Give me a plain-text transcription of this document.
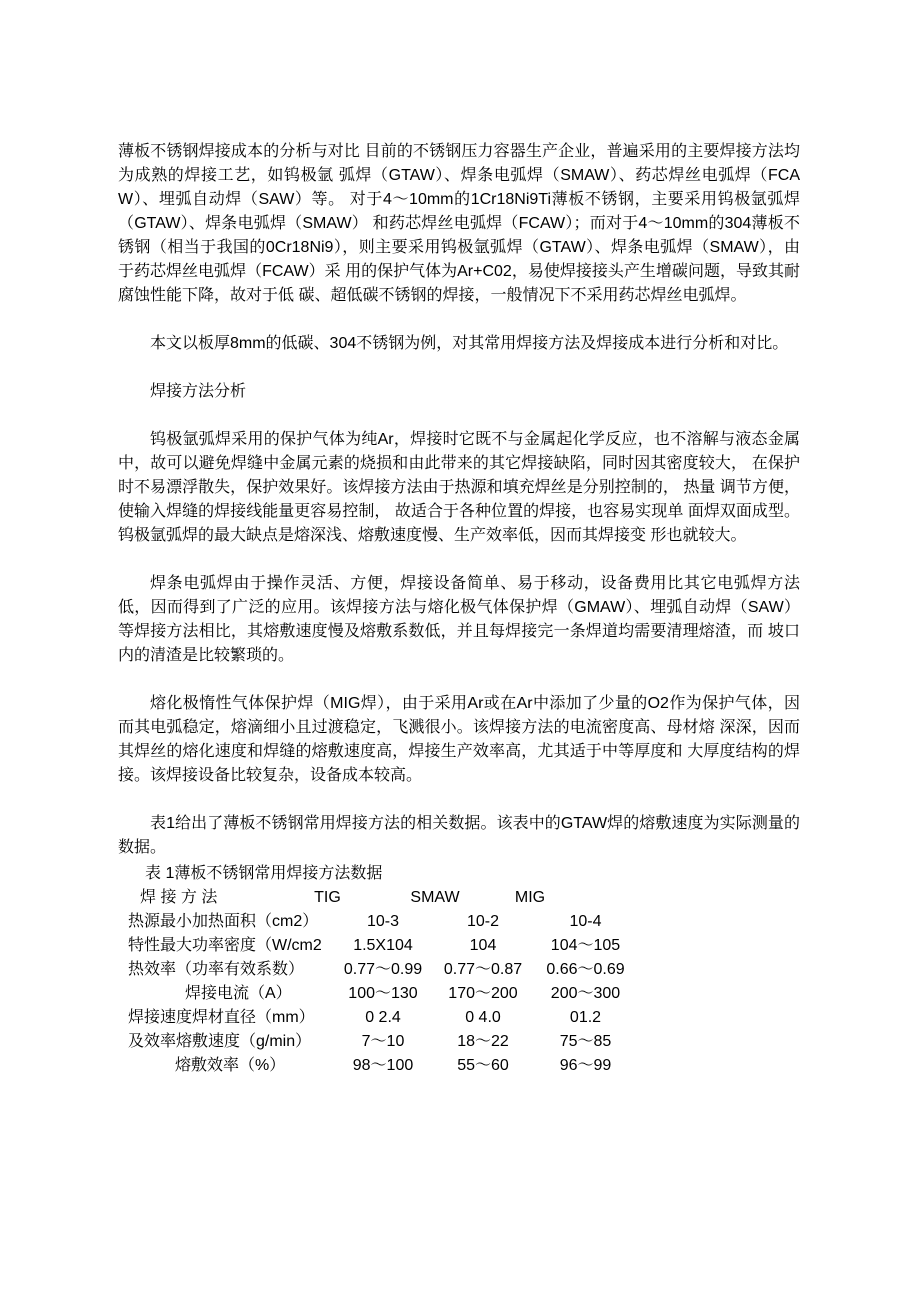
薄板不锈钢焊接成本的分析与对比 目前的不锈钢压力容器生产企业，普遍采用的主要焊接方法均为成熟的焊接工艺，如钨极氩 弧焊（GTAW）、焊条电弧焊（SMAW）、药芯焊丝电弧焊（FCAW）、埋弧自动焊（SAW）等。 对于4〜10mm的1Cr18Ni9Ti薄板不锈钢，主要采用钨极氩弧焊（GTAW）、焊条电弧焊（SMAW） 和药芯焊丝电弧焊（FCAW）；而对于4〜10mm的304薄板不锈钢（相当于我国的0Cr18Ni9），则主要采用钨极氩弧焊（GTAW）、焊条电弧焊（SMAW），由于药芯焊丝电弧焊（FCAW）采 用的保护气体为Ar+C02，易使焊接接头产生增碳问题，导致其耐腐蚀性能下降，故对于低 碳、超低碳不锈钢的焊接，一般情况下不采用药芯焊丝电弧焊。

本文以板厚8mm的低碳、304不锈钢为例，对其常用焊接方法及焊接成本进行分析和对比。

焊接方法分析

钨极氩弧焊采用的保护气体为纯Ar，焊接时它既不与金属起化学反应，也不溶解与液态金属中，故可以避免焊缝中金属元素的烧损和由此带来的其它焊接缺陷，同时因其密度较大， 在保护时不易漂浮散失，保护效果好。该焊接方法由于热源和填充焊丝是分别控制的， 热量 调节方便，使输入焊缝的焊接线能量更容易控制， 故适合于各种位置的焊接，也容易实现单 面焊双面成型。钨极氩弧焊的最大缺点是熔深浅、熔敷速度慢、生产效率低，因而其焊接变 形也就较大。

焊条电弧焊由于操作灵活、方便，焊接设备简单、易于移动，设备费用比其它电弧焊方法低，因而得到了广泛的应用。该焊接方法与熔化极气体保护焊（GMAW）、埋弧自动焊（SAW） 等焊接方法相比，其熔敷速度慢及熔敷系数低，并且每焊接完一条焊道均需要清理熔渣，而 坡口内的清渣是比较繁琐的。

熔化极惰性气体保护焊（MIG焊），由于采用Ar或在Ar中添加了少量的O2作为保护气体，因而其电弧稳定，熔滴细小且过渡稳定，飞溅很小。该焊接方法的电流密度高、母材熔 深深，因而其焊丝的熔化速度和焊缝的熔敷速度高，焊接生产效率高，尤其适于中等厚度和 大厚度结构的焊接。该焊接设备比较复杂，设备成本较高。

表1给出了薄板不锈钢常用焊接方法的相关数据。该表中的GTAW焊的熔敷速度为实际测量的数据。

表 1薄板不锈钢常用焊接方法数据
焊 接 方 法	TIG	SMAW	MIG
热源最小加热面积（cm2）	10-3	10-2	10-4
特性最大功率密度（W/cm2	1.5X104	104	104〜105
热效率（功率有效系数）	0.77〜0.99	0.77〜0.87	0.66〜0.69
焊接电流（A）	100〜130	170〜200	200〜300
焊接速度焊材直径（mm）	0 2.4	0 4.0	01.2
及效率熔敷速度（g/min）	7〜10	18〜22	75〜85
熔敷效率（%）	98〜100	55〜60	96〜99
